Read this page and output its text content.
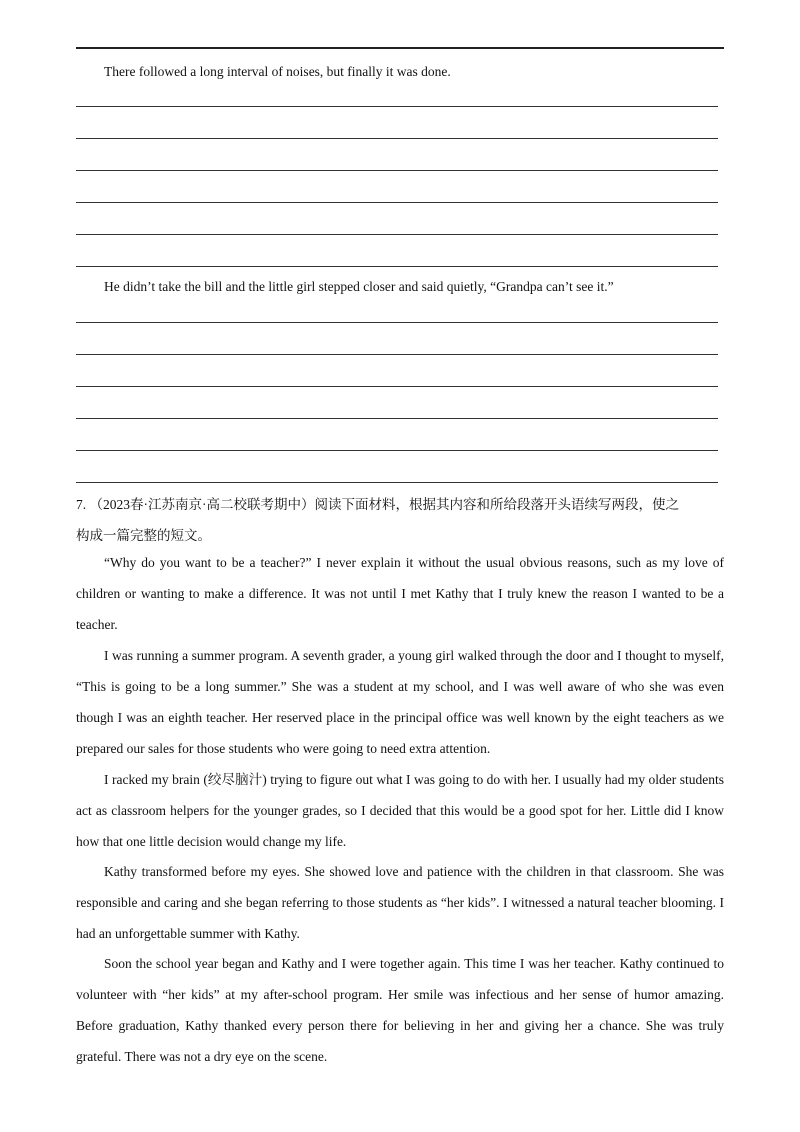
There followed a long interval of noises, but finally it was done.
He didn’t take the bill and the little girl stepped closer and said quietly, “Grandpa can’t see it.”
7. （2023春·江苏南京·高二校联考期中）阅读下面材料，根据其内容和所给段落开头语续写两段，使之
构成一篇完整的短文。

“Why do you want to be a teacher?” I never explain it without the usual obvious reasons, such as my love of children or wanting to make a difference. It was not until I met Kathy that I truly knew the reason I wanted to be a teacher.

I was running a summer program. A seventh grader, a young girl walked through the door and I thought to myself, “This is going to be a long summer.” She was a student at my school, and I was well aware of who she was even though I was an eighth teacher. Her reserved place in the principal office was well known by the eight teachers as we prepared our sales for those students who were going to need extra attention.

I racked my brain (绞尽脑汁) trying to figure out what I was going to do with her. I usually had my older students act as classroom helpers for the younger grades, so I decided that this would be a good spot for her. Little did I know how that one little decision would change my life.

Kathy transformed before my eyes. She showed love and patience with the children in that classroom. She was responsible and caring and she began referring to those students as “her kids”. I witnessed a natural teacher blooming. I had an unforgettable summer with Kathy.

Soon the school year began and Kathy and I were together again. This time I was her teacher. Kathy continued to volunteer with “her kids” at my after-school program. Her smile was infectious and her sense of humor amazing. Before graduation, Kathy thanked every person there for believing in her and giving her a chance. She was truly grateful. There was not a dry eye on the scene.
